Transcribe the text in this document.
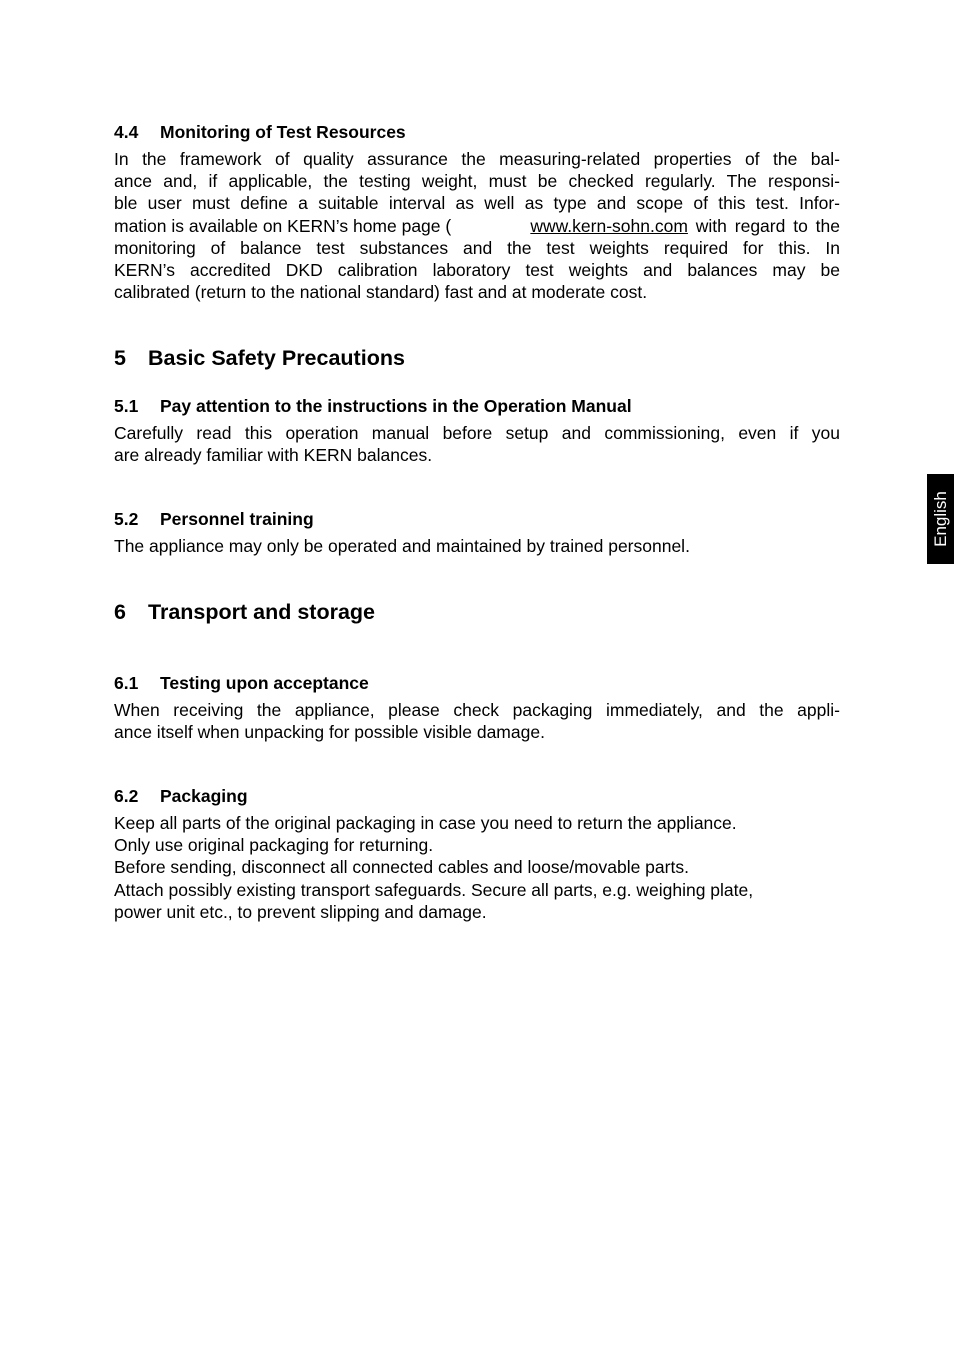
4.4 Monitoring of Test Resources
In the framework of quality assurance the measuring-related properties of the bal-
ance and, if applicable, the testing weight, must be checked regularly. The responsi-
ble user must define a suitable interval as well as type and scope of this test. Infor-
mation is available on KERN’s home page (	www.kern-sohn.com with regard to the
monitoring of balance test substances and the test weights required for this. In
KERN’s accredited DKD calibration laboratory test weights and balances may be
calibrated (return to the national standard) fast and at moderate cost.
5 Basic Safety Precautions
5.1 Pay attention to the instructions in the Operation Manual
Carefully read this operation manual before setup and commissioning, even if you
are already familiar with KERN balances.
5.2 Personnel training
The appliance may only be operated and maintained by trained personnel.
6 Transport and storage
6.1 Testing upon acceptance
When receiving the appliance, please check packaging immediately, and the appli-
ance itself when unpacking for possible visible damage.
6.2 Packaging
Keep all parts of the original packaging in case you need to return the appliance.
Only use original packaging for returning.
Before sending, disconnect all connected cables and loose/movable parts.
Attach possibly existing transport safeguards. Secure all parts, e.g. weighing plate,
power unit etc., to prevent slipping and damage.
English
